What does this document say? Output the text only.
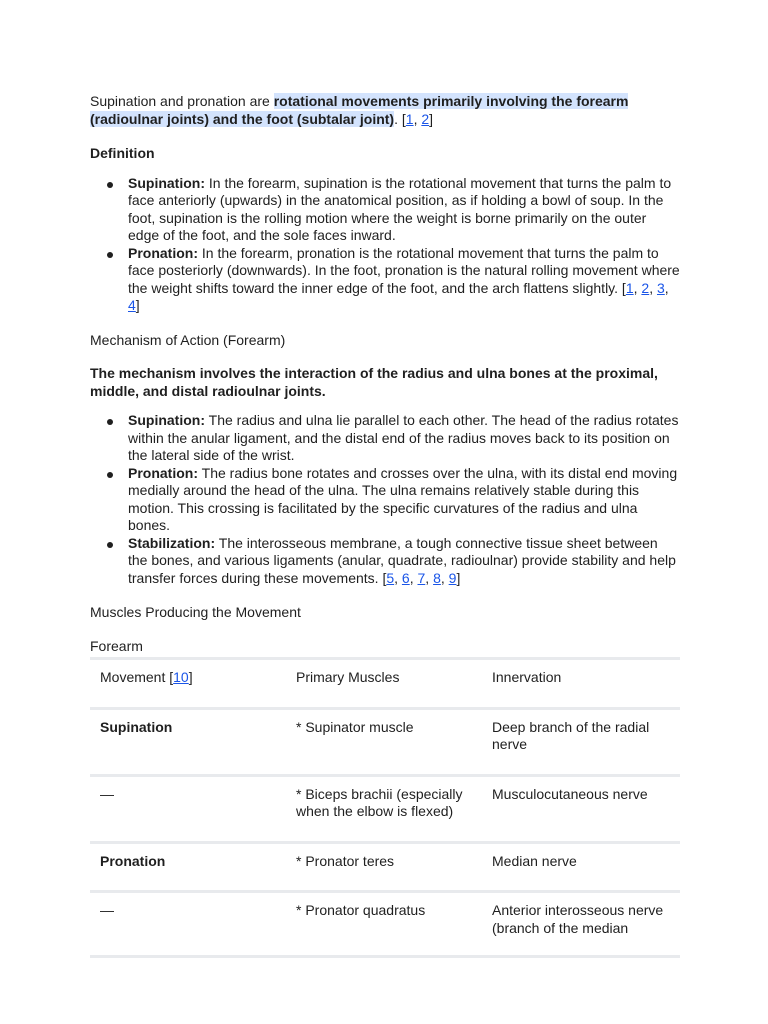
Supination and pronation are rotational movements primarily involving the forearm (radioulnar joints) and the foot (subtalar joint). [1, 2]

Definition

Supination: In the forearm, supination is the rotational movement that turns the palm to face anteriorly (upwards) in the anatomical position, as if holding a bowl of soup. In the foot, supination is the rolling motion where the weight is borne primarily on the outer edge of the foot, and the sole faces inward.
Pronation: In the forearm, pronation is the rotational movement that turns the palm to face posteriorly (downwards). In the foot, pronation is the natural rolling movement where the weight shifts toward the inner edge of the foot, and the arch flattens slightly. [1, 2, 3, 4]

Mechanism of Action (Forearm)

The mechanism involves the interaction of the radius and ulna bones at the proximal, middle, and distal radioulnar joints.

Supination: The radius and ulna lie parallel to each other. The head of the radius rotates within the anular ligament, and the distal end of the radius moves back to its position on the lateral side of the wrist.
Pronation: The radius bone rotates and crosses over the ulna, with its distal end moving medially around the head of the ulna. The ulna remains relatively stable during this motion. This crossing is facilitated by the specific curvatures of the radius and ulna bones.
Stabilization: The interosseous membrane, a tough connective tissue sheet between the bones, and various ligaments (anular, quadrate, radioulnar) provide stability and help transfer forces during these movements. [5, 6, 7, 8, 9]

Muscles Producing the Movement

Forearm

Movement [10]	Primary Muscles	Innervation
Supination	* Supinator muscle	Deep branch of the radial nerve
—	* Biceps brachii (especially when the elbow is flexed)	Musculocutaneous nerve
Pronation	* Pronator teres	Median nerve
—	* Pronator quadratus	Anterior interosseous nerve (branch of the median
